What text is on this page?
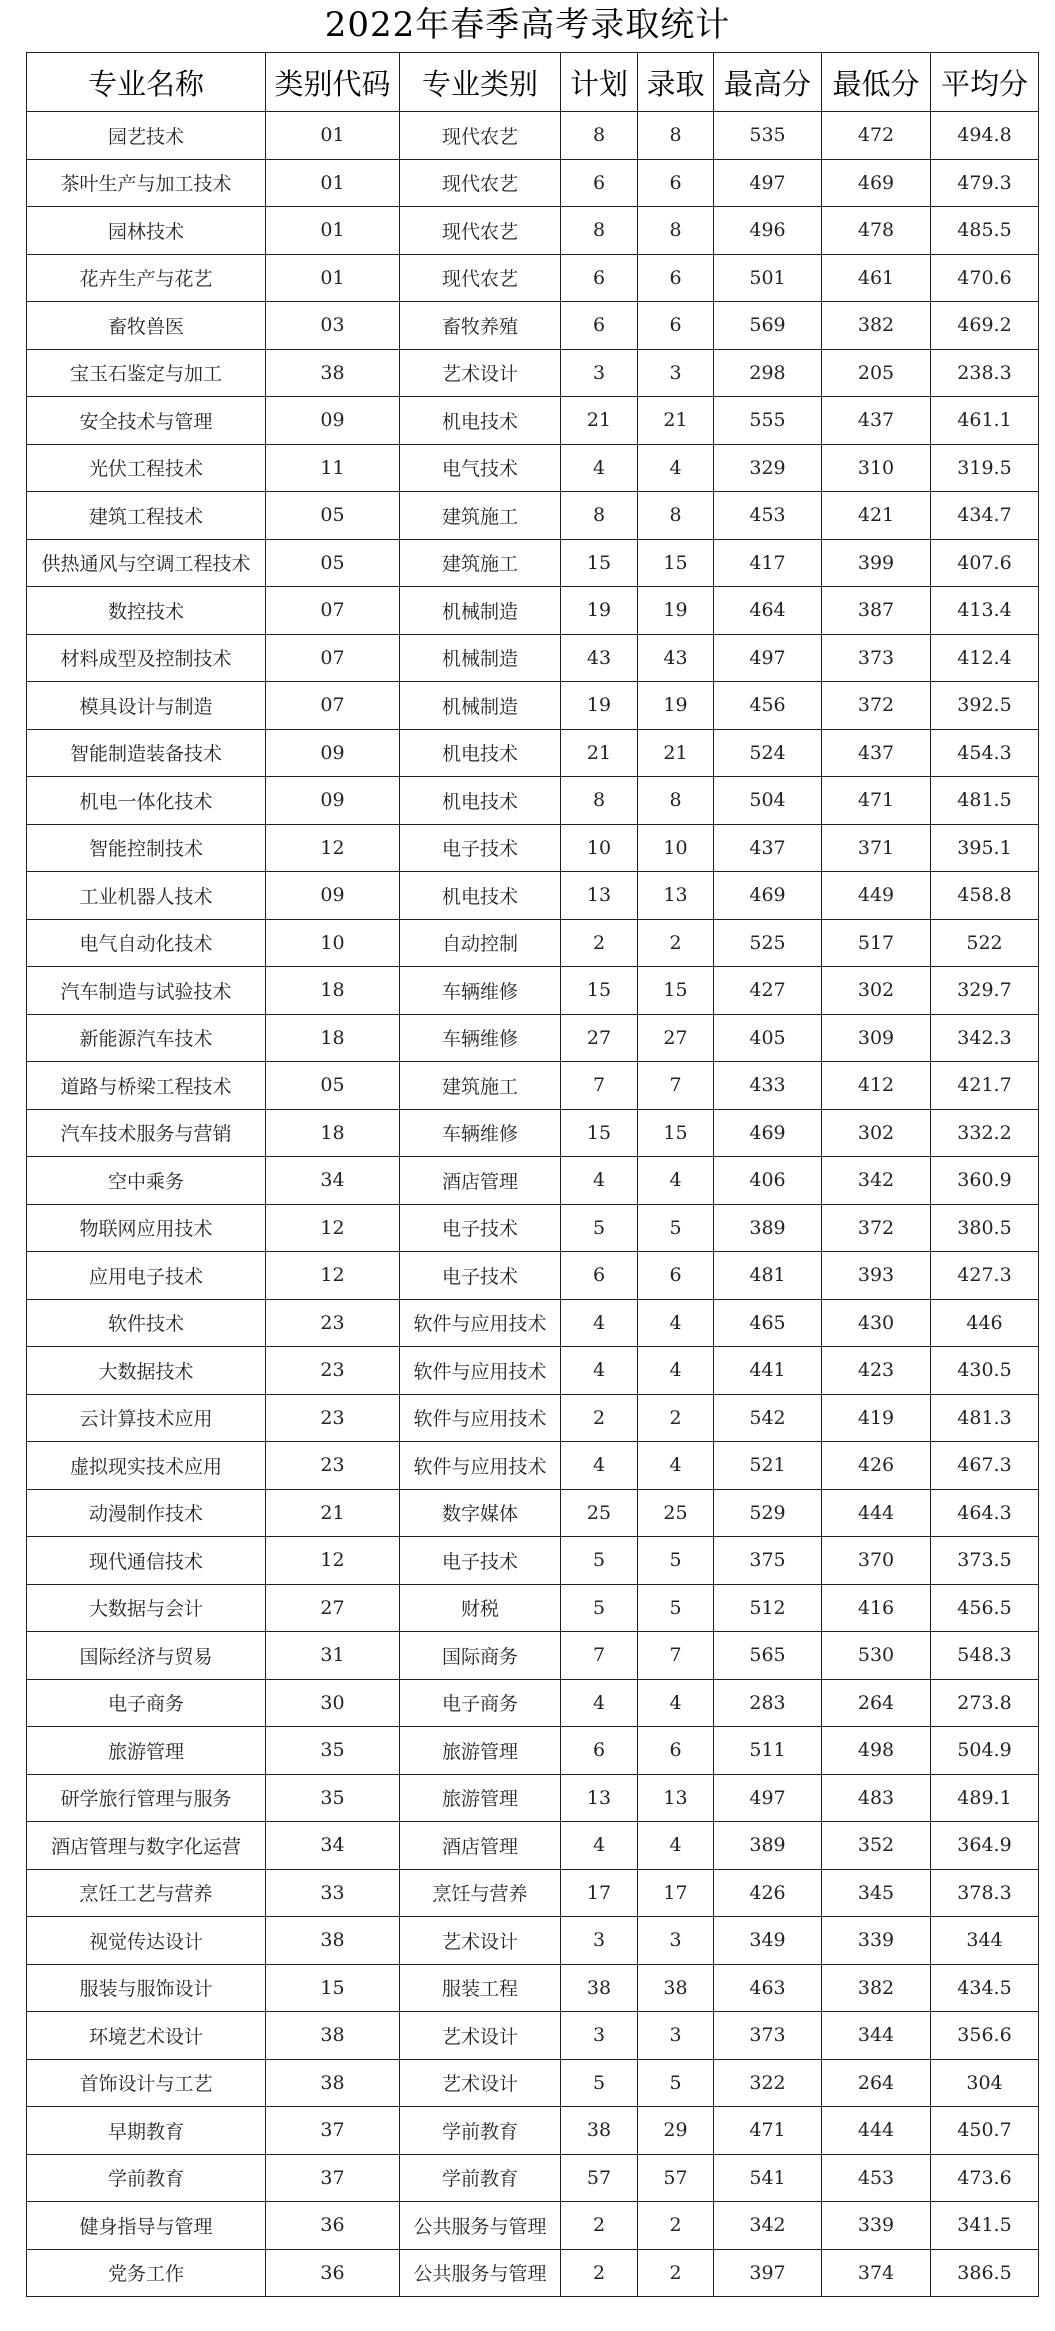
2022年春季高考录取统计
专业名称	类别代码	专业类别	计划	录取	最高分	最低分	平均分
园艺技术	01	现代农艺	8	8	535	472	494.8
茶叶生产与加工技术	01	现代农艺	6	6	497	469	479.3
园林技术	01	现代农艺	8	8	496	478	485.5
花卉生产与花艺	01	现代农艺	6	6	501	461	470.6
畜牧兽医	03	畜牧养殖	6	6	569	382	469.2
宝玉石鉴定与加工	38	艺术设计	3	3	298	205	238.3
安全技术与管理	09	机电技术	21	21	555	437	461.1
光伏工程技术	11	电气技术	4	4	329	310	319.5
建筑工程技术	05	建筑施工	8	8	453	421	434.7
供热通风与空调工程技术	05	建筑施工	15	15	417	399	407.6
数控技术	07	机械制造	19	19	464	387	413.4
材料成型及控制技术	07	机械制造	43	43	497	373	412.4
模具设计与制造	07	机械制造	19	19	456	372	392.5
智能制造装备技术	09	机电技术	21	21	524	437	454.3
机电一体化技术	09	机电技术	8	8	504	471	481.5
智能控制技术	12	电子技术	10	10	437	371	395.1
工业机器人技术	09	机电技术	13	13	469	449	458.8
电气自动化技术	10	自动控制	2	2	525	517	522
汽车制造与试验技术	18	车辆维修	15	15	427	302	329.7
新能源汽车技术	18	车辆维修	27	27	405	309	342.3
道路与桥梁工程技术	05	建筑施工	7	7	433	412	421.7
汽车技术服务与营销	18	车辆维修	15	15	469	302	332.2
空中乘务	34	酒店管理	4	4	406	342	360.9
物联网应用技术	12	电子技术	5	5	389	372	380.5
应用电子技术	12	电子技术	6	6	481	393	427.3
软件技术	23	软件与应用技术	4	4	465	430	446
大数据技术	23	软件与应用技术	4	4	441	423	430.5
云计算技术应用	23	软件与应用技术	2	2	542	419	481.3
虚拟现实技术应用	23	软件与应用技术	4	4	521	426	467.3
动漫制作技术	21	数字媒体	25	25	529	444	464.3
现代通信技术	12	电子技术	5	5	375	370	373.5
大数据与会计	27	财税	5	5	512	416	456.5
国际经济与贸易	31	国际商务	7	7	565	530	548.3
电子商务	30	电子商务	4	4	283	264	273.8
旅游管理	35	旅游管理	6	6	511	498	504.9
研学旅行管理与服务	35	旅游管理	13	13	497	483	489.1
酒店管理与数字化运营	34	酒店管理	4	4	389	352	364.9
烹饪工艺与营养	33	烹饪与营养	17	17	426	345	378.3
视觉传达设计	38	艺术设计	3	3	349	339	344
服装与服饰设计	15	服装工程	38	38	463	382	434.5
环境艺术设计	38	艺术设计	3	3	373	344	356.6
首饰设计与工艺	38	艺术设计	5	5	322	264	304
早期教育	37	学前教育	38	29	471	444	450.7
学前教育	37	学前教育	57	57	541	453	473.6
健身指导与管理	36	公共服务与管理	2	2	342	339	341.5
党务工作	36	公共服务与管理	2	2	397	374	386.5
